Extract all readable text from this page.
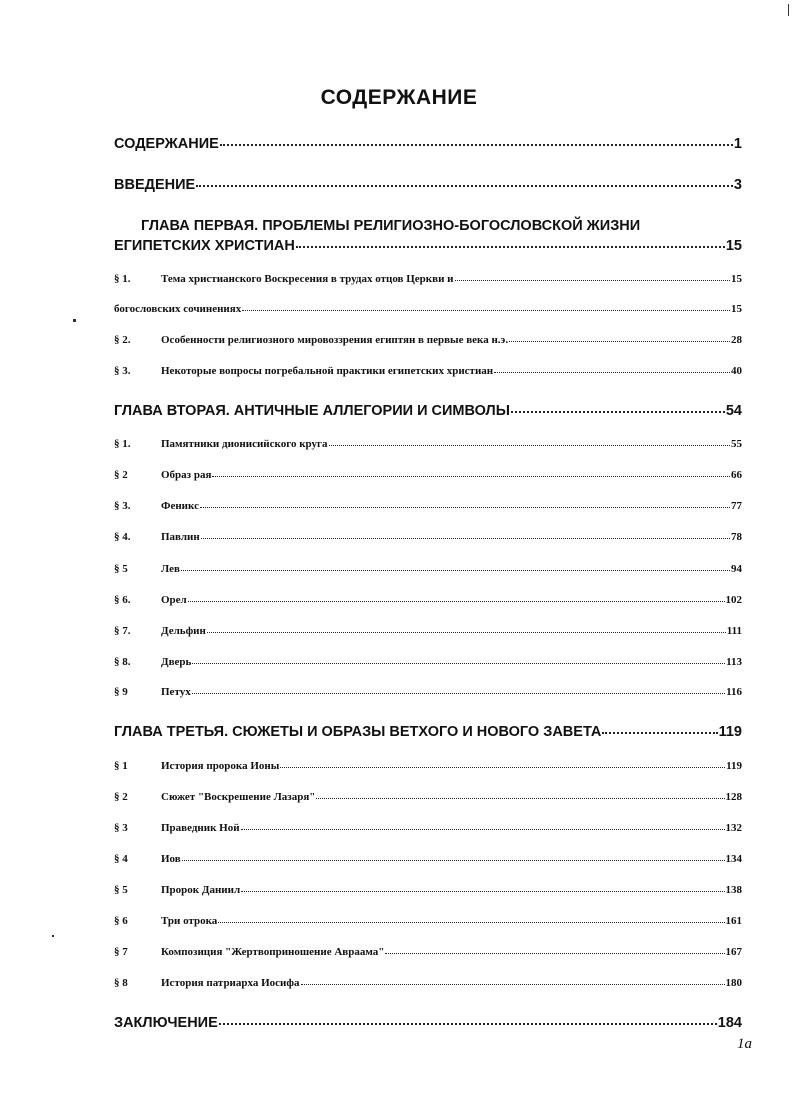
СОДЕРЖАНИЕ
СОДЕРЖАНИЕ	1
ВВЕДЕНИЕ	3
ГЛАВА ПЕРВАЯ. ПРОБЛЕМЫ РЕЛИГИОЗНО-БОГОСЛОВСКОЙ ЖИЗНИ
ЕГИПЕТСКИХ ХРИСТИАН	15
§ 1.	Тема христианского Воскресения в трудах отцов Церкви и	15
богословских сочинениях	15
§ 2.	Особенности религиозного мировоззрения египтян в первые века н.э.	28
§ 3.	Некоторые вопросы погребальной практики египетских христиан	40
ГЛАВА ВТОРАЯ. АНТИЧНЫЕ АЛЛЕГОРИИ И СИМВОЛЫ	54
§ 1.	Памятники дионисийского круга	55
§ 2	Образ рая	66
§ 3.	Феникс	77
§ 4.	Павлин	78
§ 5	Лев	94
§ 6.	Орел	102
§ 7.	Дельфин	111
§ 8.	Дверь	113
§ 9	Петух	116
ГЛАВА ТРЕТЬЯ. СЮЖЕТЫ И ОБРАЗЫ ВЕТХОГО И НОВОГО ЗАВЕТА	119
§ 1	История пророка Ионы	119
§ 2	Сюжет "Воскрешение Лазаря"	128
§ 3	Праведник Ной	132
§ 4	Иов	134
§ 5	Пророк Даниил	138
§ 6	Три отрока	161
§ 7	Композиция "Жертвоприношение Авраама"	167
§ 8	История патриарха Иосифа	180
ЗАКЛЮЧЕНИЕ	184
1а
